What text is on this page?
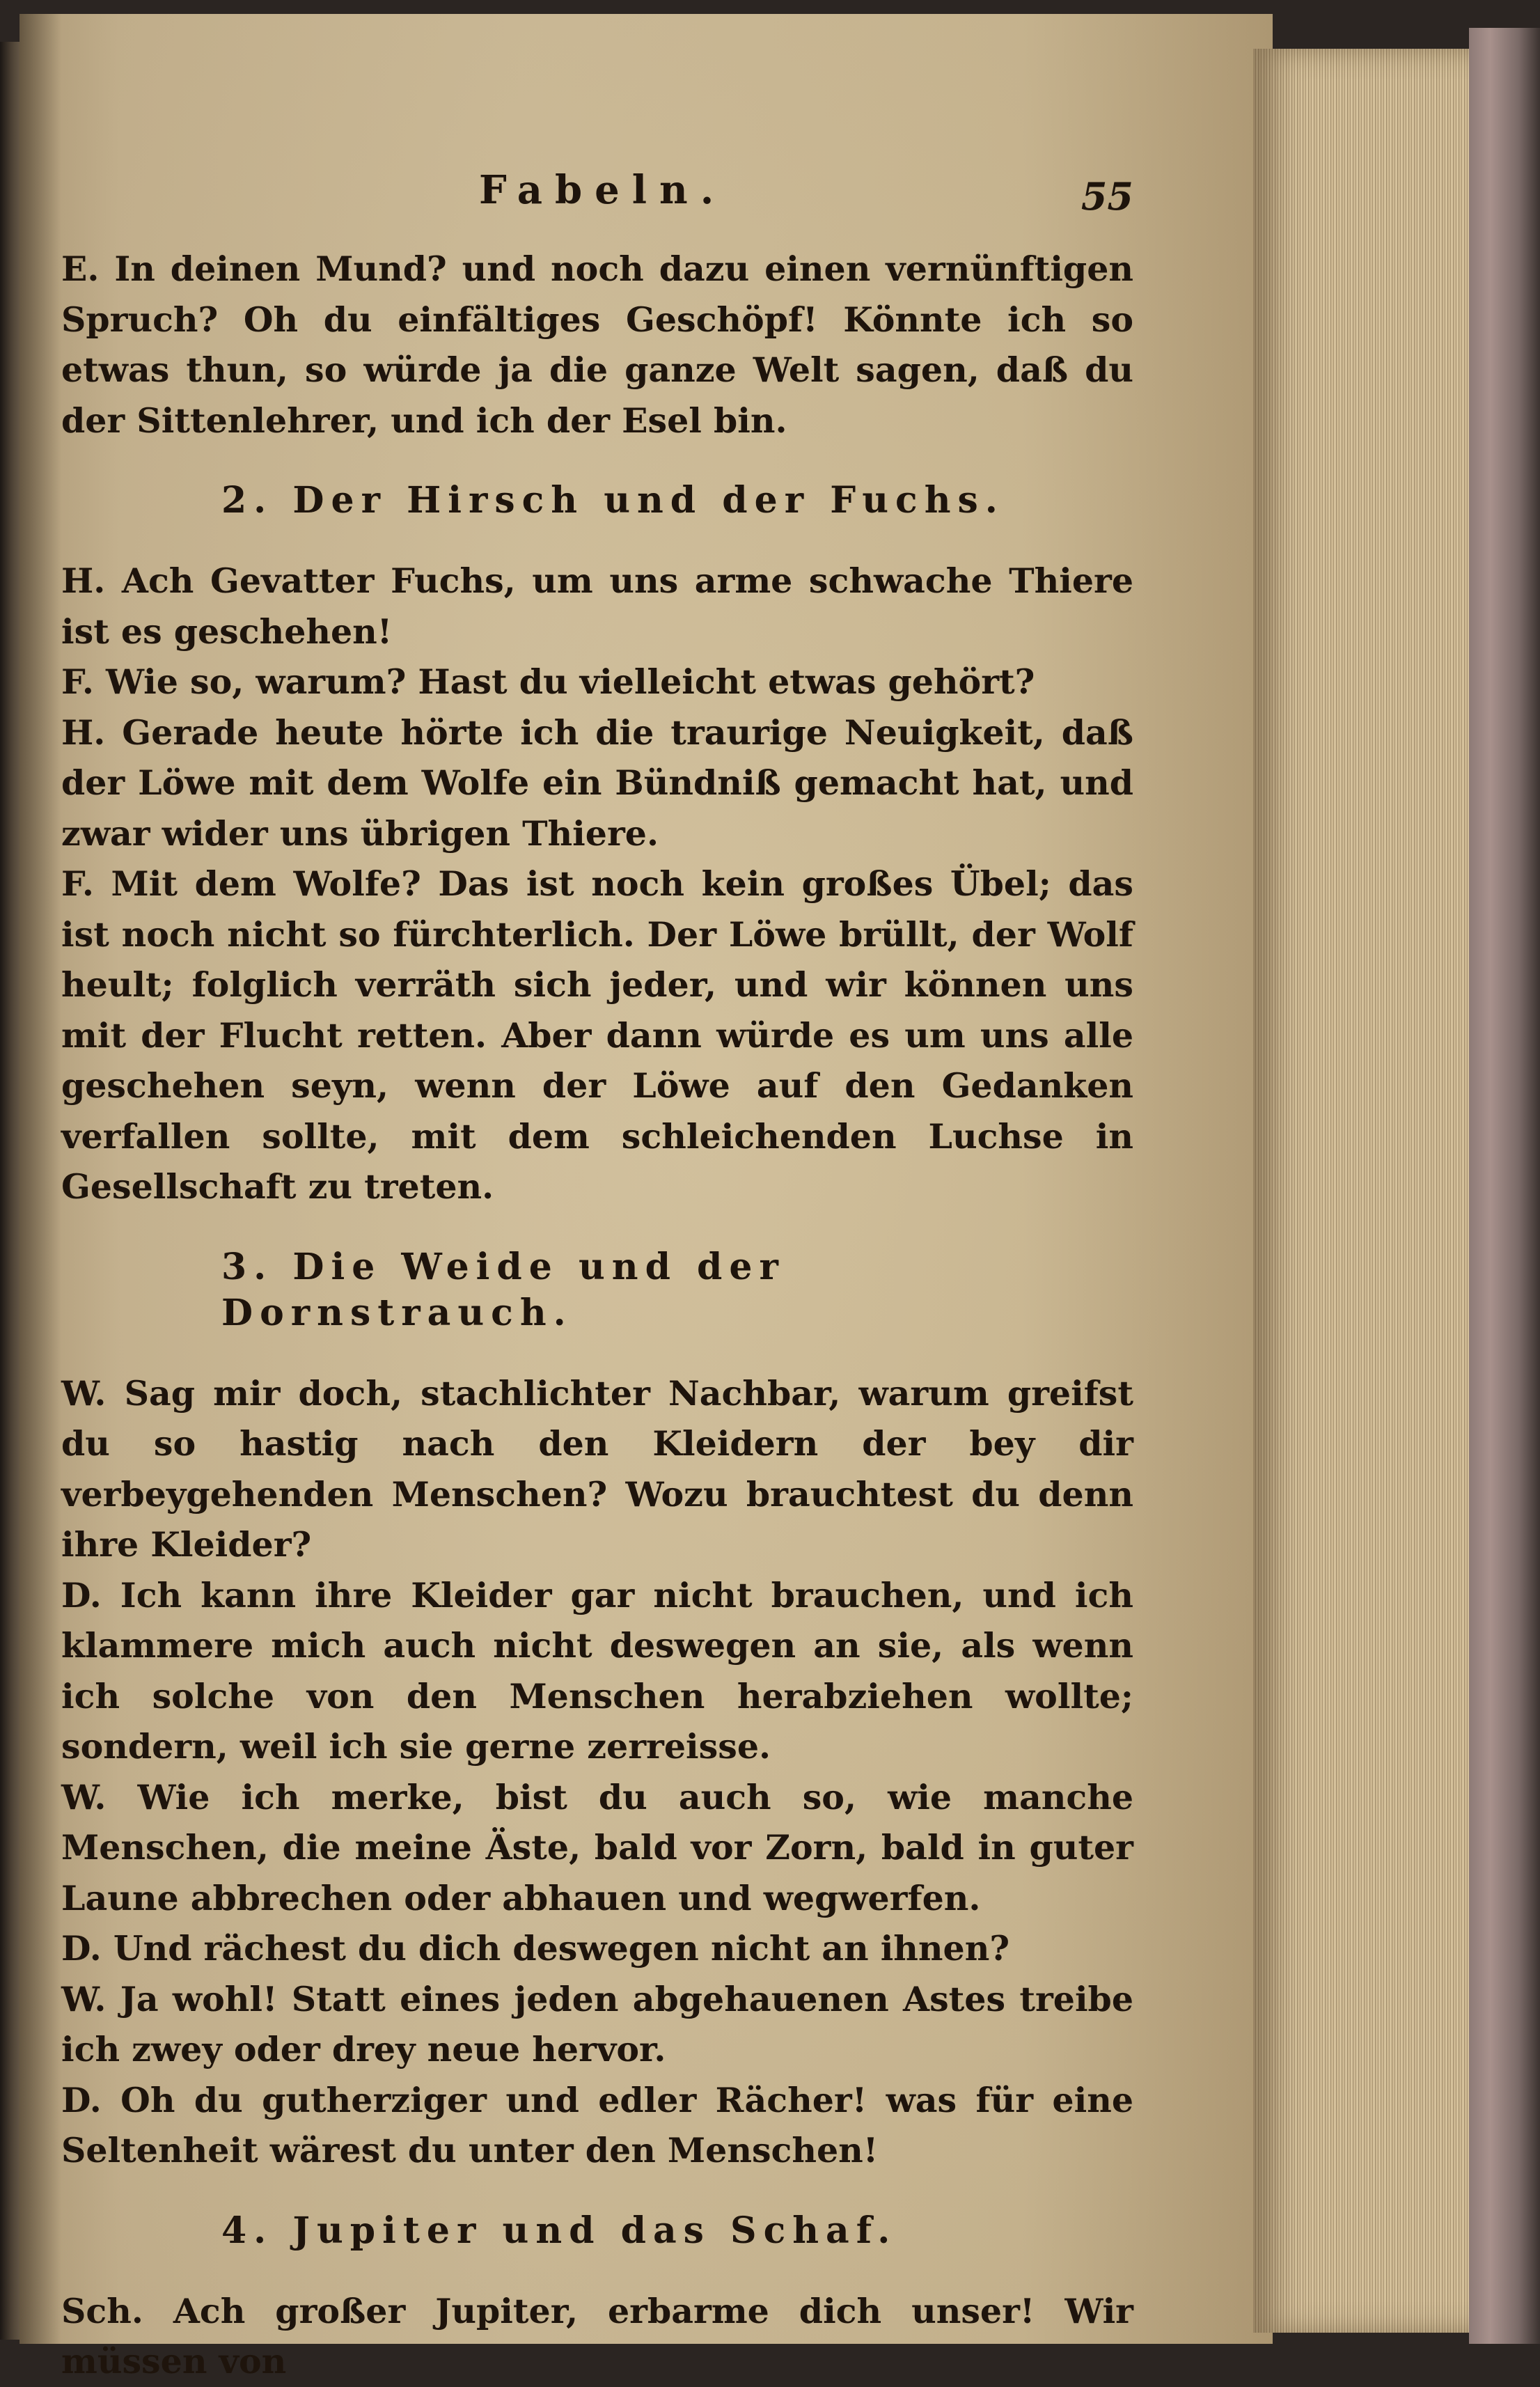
Fabeln.	55

E. In deinen Mund? und noch dazu einen vernünftigen Spruch? Oh du einfältiges Geschöpf! Könnte ich so etwas thun, so würde ja die ganze Welt sagen, daß du der Sittenlehrer, und ich der Esel bin.

2. Der Hirsch und der Fuchs.

H. Ach Gevatter Fuchs, um uns arme schwache Thiere ist es geschehen!

F. Wie so, warum? Hast du vielleicht etwas gehört?

H. Gerade heute hörte ich die traurige Neuigkeit, daß der Löwe mit dem Wolfe ein Bündniß gemacht hat, und zwar wider uns übrigen Thiere.

F. Mit dem Wolfe? Das ist noch kein großes Übel; das ist noch nicht so fürchterlich. Der Löwe brüllt, der Wolf heult; folglich verräth sich jeder, und wir können uns mit der Flucht retten. Aber dann würde es um uns alle geschehen seyn, wenn der Löwe auf den Gedanken verfallen sollte, mit dem schleichenden Luchse in Gesellschaft zu treten.

3. Die Weide und der Dornstrauch.

W. Sag mir doch, stachlichter Nachbar, warum greifst du so hastig nach den Kleidern der bey dir verbeygehenden Menschen? Wozu brauchtest du denn ihre Kleider?

D. Ich kann ihre Kleider gar nicht brauchen, und ich klammere mich auch nicht deswegen an sie, als wenn ich solche von den Menschen herabziehen wollte; sondern, weil ich sie gerne zerreisse.

W. Wie ich merke, bist du auch so, wie manche Menschen, die meine Äste, bald vor Zorn, bald in guter Laune abbrechen oder abhauen und wegwerfen.

D. Und rächest du dich deswegen nicht an ihnen?

W. Ja wohl! Statt eines jeden abgehauenen Astes treibe ich zwey oder drey neue hervor.

D. Oh du gutherziger und edler Rächer! was für eine Seltenheit wärest du unter den Menschen!

4. Jupiter und das Schaf.

Sch. Ach großer Jupiter, erbarme dich unser! Wir müssen von
